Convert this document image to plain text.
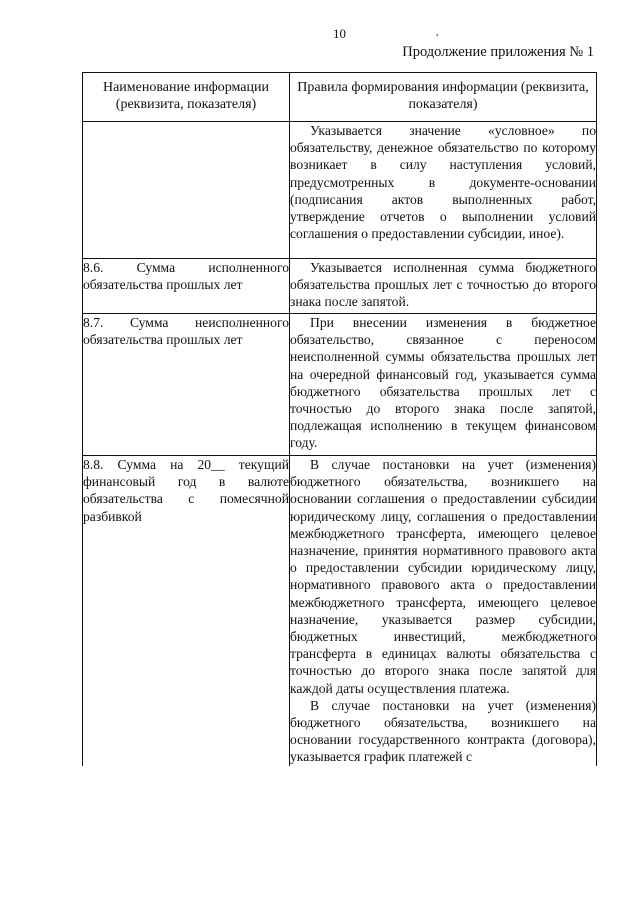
10	,
Продолжение приложения № 1
Наименование информации (реквизита, показателя)	Правила формирования информации (реквизита, показателя)

	Указывается значение «условное» по обязательству, денежное обязательство по которому возникает в силу наступления условий, предусмотренных в документе-основании (подписания актов выполненных работ, утверждение отчетов о выполнении условий соглашения о предоставлении субсидии, иное).

8.6. Сумма исполненного обязательства прошлых лет	Указывается исполненная сумма бюджетного обязательства прошлых лет с точностью до второго знака после запятой.

8.7. Сумма неисполненного обязательства прошлых лет	При внесении изменения в бюджетное обязательство, связанное с переносом неисполненной суммы обязательства прошлых лет на очередной финансовый год, указывается сумма бюджетного обязательства прошлых лет с точностью до второго знака после запятой, подлежащая исполнению в текущем финансовом году.

8.8. Сумма на 20__ текущий финансовый год в валюте обязательства с помесячной разбивкой	В случае постановки на учет (изменения) бюджетного обязательства, возникшего на основании соглашения о предоставлении субсидии юридическому лицу, соглашения о предоставлении межбюджетного трансферта, имеющего целевое назначение, принятия нормативного правового акта о предоставлении субсидии юридическому лицу, нормативного правового акта о предоставлении межбюджетного трансферта, имеющего целевое назначение, указывается размер субсидии, бюджетных инвестиций, межбюджетного трансферта в единицах валюты обязательства с точностью до второго знака после запятой для каждой даты осуществления платежа.

В случае постановки на учет (изменения) бюджетного обязательства, возникшего на основании государственного контракта (договора), указывается график платежей с
